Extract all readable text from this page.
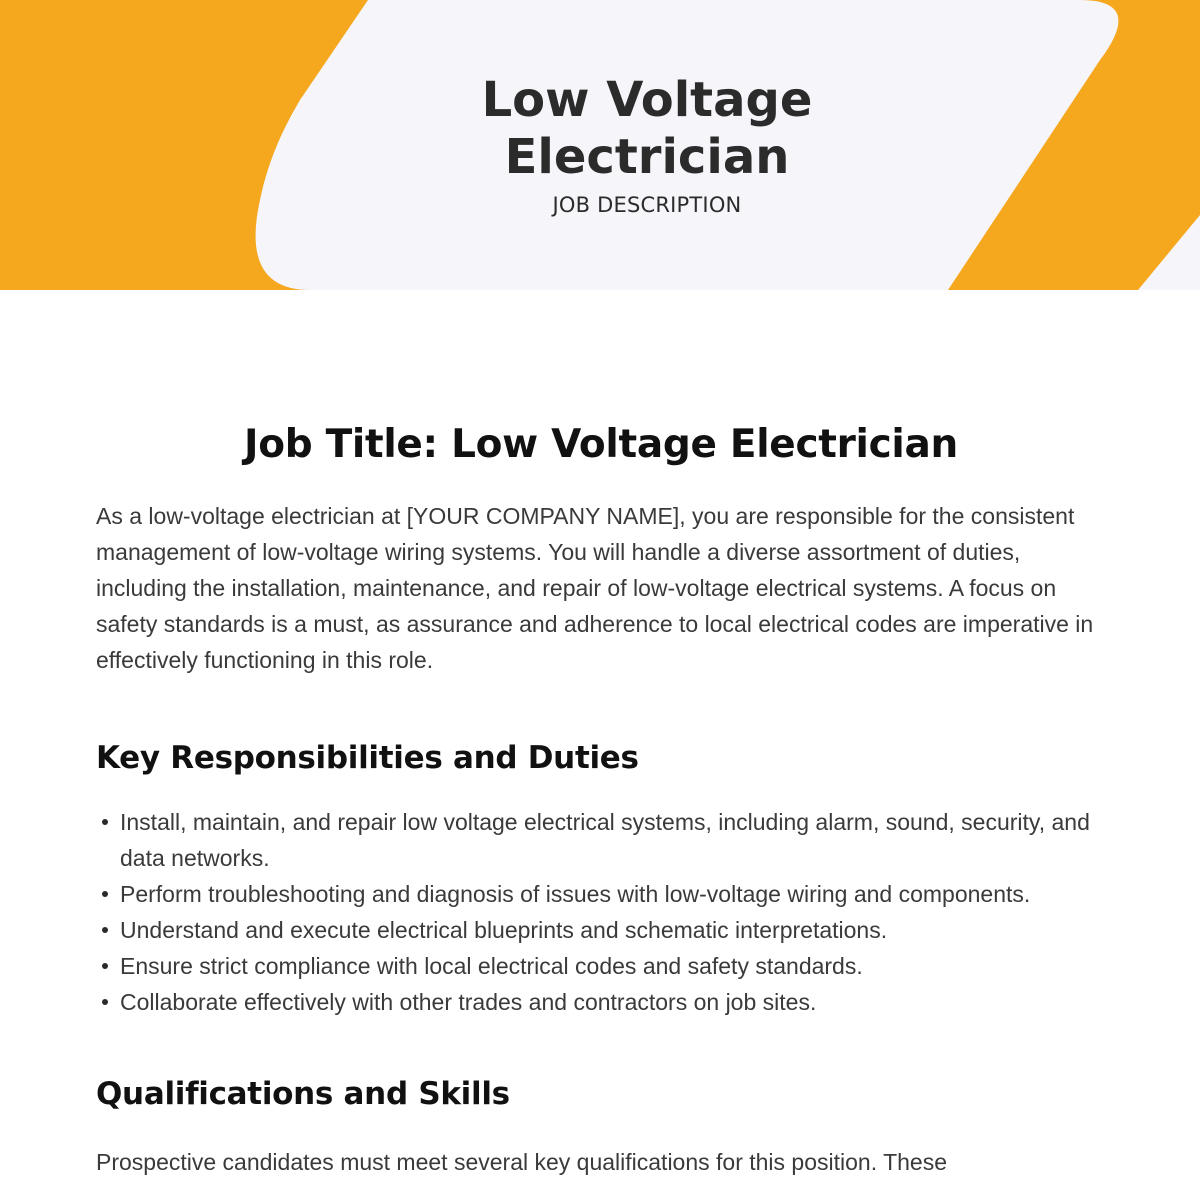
Low Voltage
Electrician

JOB DESCRIPTION

Job Title: Low Voltage Electrician

As a low-voltage electrician at [YOUR COMPANY NAME], you are responsible for the consistent management of low-voltage wiring systems. You will handle a diverse assortment of duties, including the installation, maintenance, and repair of low-voltage electrical systems. A focus on safety standards is a must, as assurance and adherence to local electrical codes are imperative in effectively functioning in this role.

Key Responsibilities and Duties
Install, maintain, and repair low voltage electrical systems, including alarm, sound, security, and data networks.
Perform troubleshooting and diagnosis of issues with low-voltage wiring and components.
Understand and execute electrical blueprints and schematic interpretations.
Ensure strict compliance with local electrical codes and safety standards.
Collaborate effectively with other trades and contractors on job sites.
Qualifications and Skills

Prospective candidates must meet several key qualifications for this position. These
